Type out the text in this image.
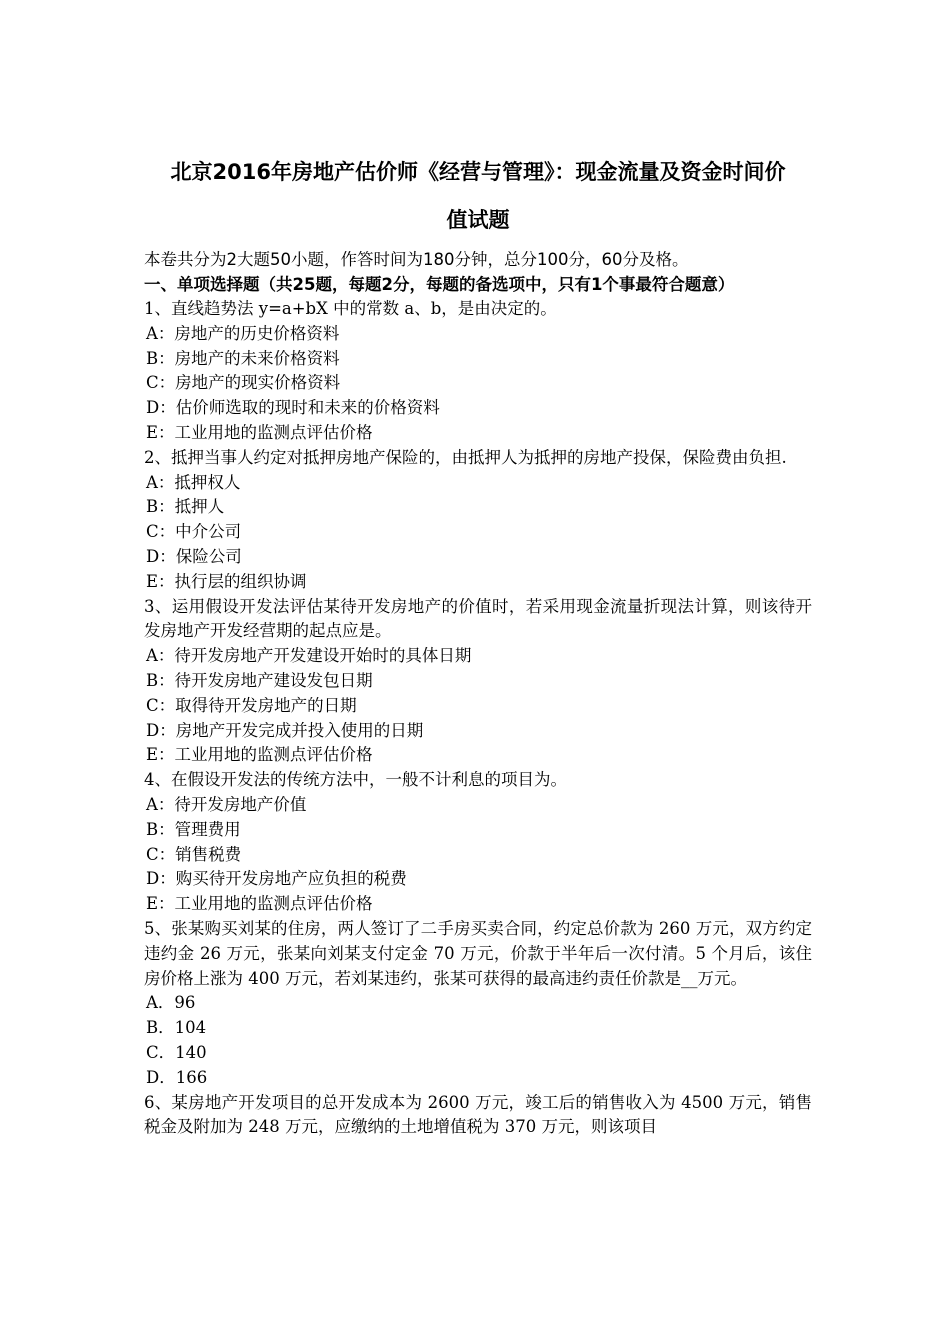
北京2016年房地产估价师《经营与管理》：现金流量及资金时间价
值试题
本卷共分为2大题50小题，作答时间为180分钟，总分100分，60分及格。
一、单项选择题（共25题，每题2分，每题的备选项中，只有1个事最符合题意）
1、直线趋势法 y=a+bX 中的常数 a、b，是由决定的。
A：房地产的历史价格资料
B：房地产的未来价格资料
C：房地产的现实价格资料
D：估价师选取的现时和未来的价格资料
E：工业用地的监测点评估价格
2、抵押当事人约定对抵押房地产保险的，由抵押人为抵押的房地产投保，保险费由负担.
A：抵押权人
B：抵押人
C：中介公司
D：保险公司
E：执行层的组织协调
3、运用假设开发法评估某待开发房地产的价值时，若采用现金流量折现法计算，则该待开发房地产开发经营期的起点应是。
A：待开发房地产开发建设开始时的具体日期
B：待开发房地产建设发包日期
C：取得待开发房地产的日期
D：房地产开发完成并投入使用的日期
E：工业用地的监测点评估价格
4、在假设开发法的传统方法中，一般不计利息的项目为。
A：待开发房地产价值
B：管理费用
C：销售税费
D：购买待开发房地产应负担的税费
E：工业用地的监测点评估价格
5、张某购买刘某的住房，两人签订了二手房买卖合同，约定总价款为 260 万元，双方约定违约金 26 万元，张某向刘某支付定金 70 万元，价款于半年后一次付清。5 个月后，该住房价格上涨为 400 万元，若刘某违约，张某可获得的最高违约责任价款是__万元。
A．96
B．104
C．140
D．166
6、某房地产开发项目的总开发成本为 2600 万元，竣工后的销售收入为 4500 万元，销售税金及附加为 248 万元，应缴纳的土地增值税为 370 万元，则该项目
